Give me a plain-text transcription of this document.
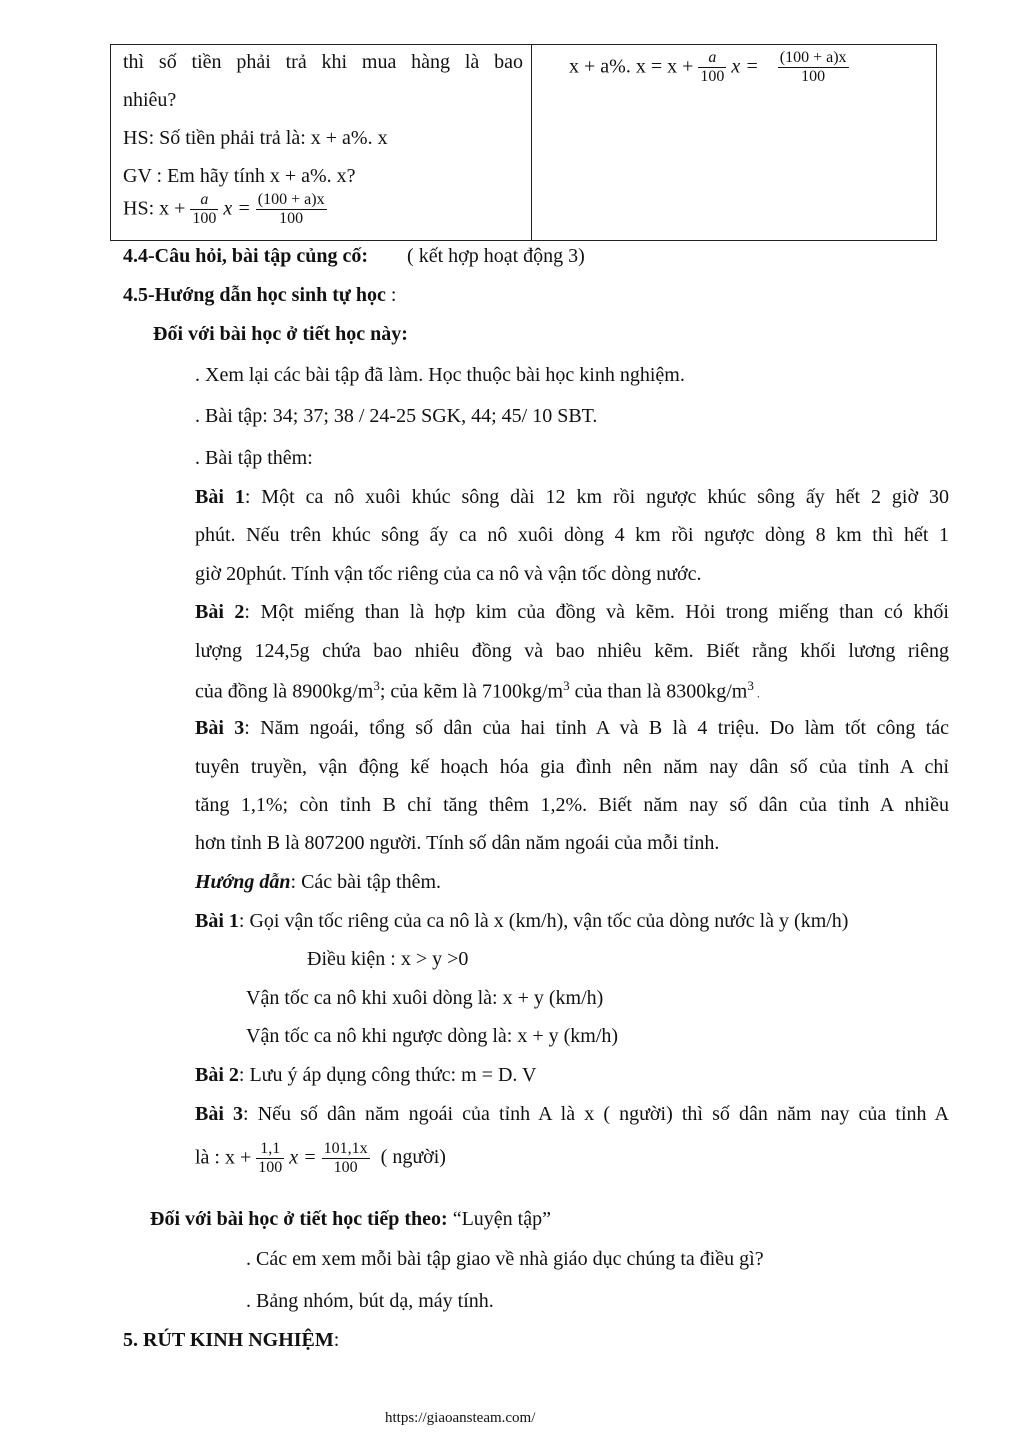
thì số tiền phải trả khi mua hàng là bao
nhiêu?
HS: Số tiền phải trả là: x + a%. x
GV : Em hãy tính x + a%. x?
HS: $x + \frac{a}{100}$ $x = \frac{(100 + a)x}{100}$

x + a%. $x = x + \frac{a}{100}$ $x = \frac{(100 + a)x}{100}$
4.4-Câu hỏi, bài tập củng cố: ( kết hợp hoạt động 3)
4.5-Hướng dẫn học sinh tự học :
Đối với bài học ở tiết học này:
. Xem lại các bài tập đã làm. Học thuộc bài học kinh nghiệm.
. Bài tập: 34; 37; 38 / 24-25 SGK, 44; 45/ 10 SBT.
. Bài tập thêm:
Bài 1: Một ca nô xuôi khúc sông dài 12 km rồi ngược khúc sông ấy hết 2 giờ 30
phút. Nếu trên khúc sông ấy ca nô xuôi dòng 4 km rồi ngược dòng 8 km thì hết 1
giờ 20phút. Tính vận tốc riêng của ca nô và vận tốc dòng nước.
Bài 2: Một miếng than là hợp kim của đồng và kẽm. Hỏi trong miếng than có khối
lượng 124,5g chứa bao nhiêu đồng và bao nhiêu kẽm. Biết rằng khối lương riêng
của đồng là $8900kg/m^3$; của kẽm là $7100kg/m^3$ của than là $8300kg/m^3$ .
Bài 3: Năm ngoái, tổng số dân của hai tỉnh A và B là 4 triệu. Do làm tốt công tác
tuyên truyền, vận động kế hoạch hóa gia đình nên năm nay dân số của tỉnh A chỉ
tăng 1,1%; còn tỉnh B chỉ tăng thêm 1,2%. Biết năm nay số dân của tỉnh A nhiều
hơn tỉnh B là 807200 người. Tính số dân năm ngoái của mỗi tỉnh.
Hướng dẫn: Các bài tập thêm.
Bài 1: Gọi vận tốc riêng của ca nô là x (km/h), vận tốc của dòng nước là y (km/h)
Điều kiện : x > y >0
Vận tốc ca nô khi xuôi dòng là: x + y (km/h)
Vận tốc ca nô khi ngược dòng là: x + y (km/h)
Bài 2: Lưu ý áp dụng công thức: m = D. V
Bài 3: Nếu số dân năm ngoái của tỉnh A là x ( người) thì số dân năm nay của tỉnh A
là : $x + \frac{1,1}{100}$ $x = \frac{101,1x}{100}$ ( người)
Đối với bài học ở tiết học tiếp theo: “Luyện tập”
. Các em xem mỗi bài tập giao về nhà giáo dục chúng ta điều gì?
. Bảng nhóm, bút dạ, máy tính.
5. RÚT KINH NGHIỆM:
https://giaoansteam.com/
